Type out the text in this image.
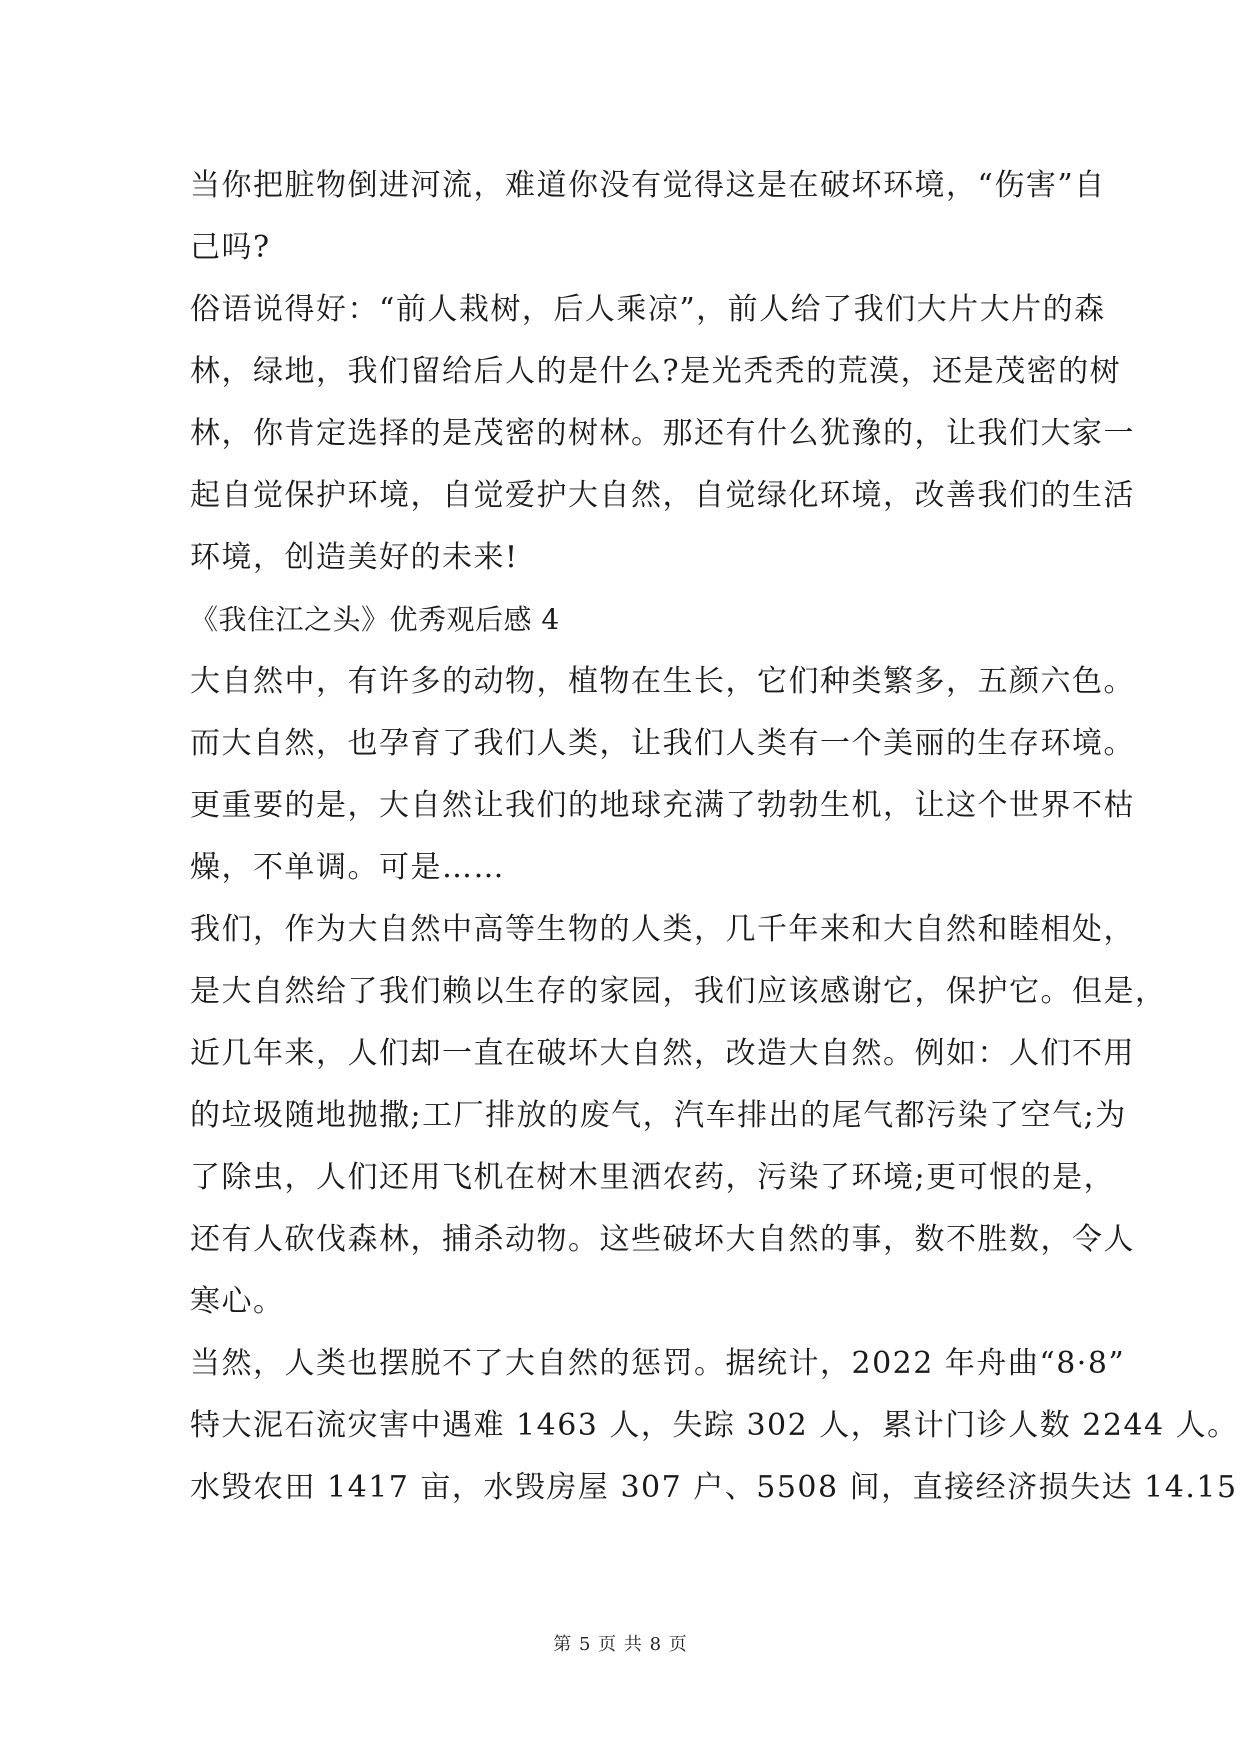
当你把脏物倒进河流，难道你没有觉得这是在破坏环境，“伤害”自
己吗?
俗语说得好：“前人栽树，后人乘凉”，前人给了我们大片大片的森
林，绿地，我们留给后人的是什么?是光秃秃的荒漠，还是茂密的树
林，你肯定选择的是茂密的树林。那还有什么犹豫的，让我们大家一
起自觉保护环境，自觉爱护大自然，自觉绿化环境，改善我们的生活
环境，创造美好的未来!
《我住江之头》优秀观后感 4
大自然中，有许多的动物，植物在生长，它们种类繁多，五颜六色。
而大自然，也孕育了我们人类，让我们人类有一个美丽的生存环境。
更重要的是，大自然让我们的地球充满了勃勃生机，让这个世界不枯
燥，不单调。可是……
我们，作为大自然中高等生物的人类，几千年来和大自然和睦相处，
是大自然给了我们赖以生存的家园，我们应该感谢它，保护它。但是，
近几年来，人们却一直在破坏大自然，改造大自然。例如：人们不用
的垃圾随地抛撒;工厂排放的废气，汽车排出的尾气都污染了空气;为
了除虫，人们还用飞机在树木里洒农药，污染了环境;更可恨的是，
还有人砍伐森林，捕杀动物。这些破坏大自然的事，数不胜数，令人
寒心。
当然，人类也摆脱不了大自然的惩罚。据统计，2022 年舟曲“8·8”
特大泥石流灾害中遇难 1463 人，失踪 302 人，累计门诊人数 2244 人。
水毁农田 1417 亩，水毁房屋 307 户、5508 间，直接经济损失达 14.15
第 5 页 共 8 页
